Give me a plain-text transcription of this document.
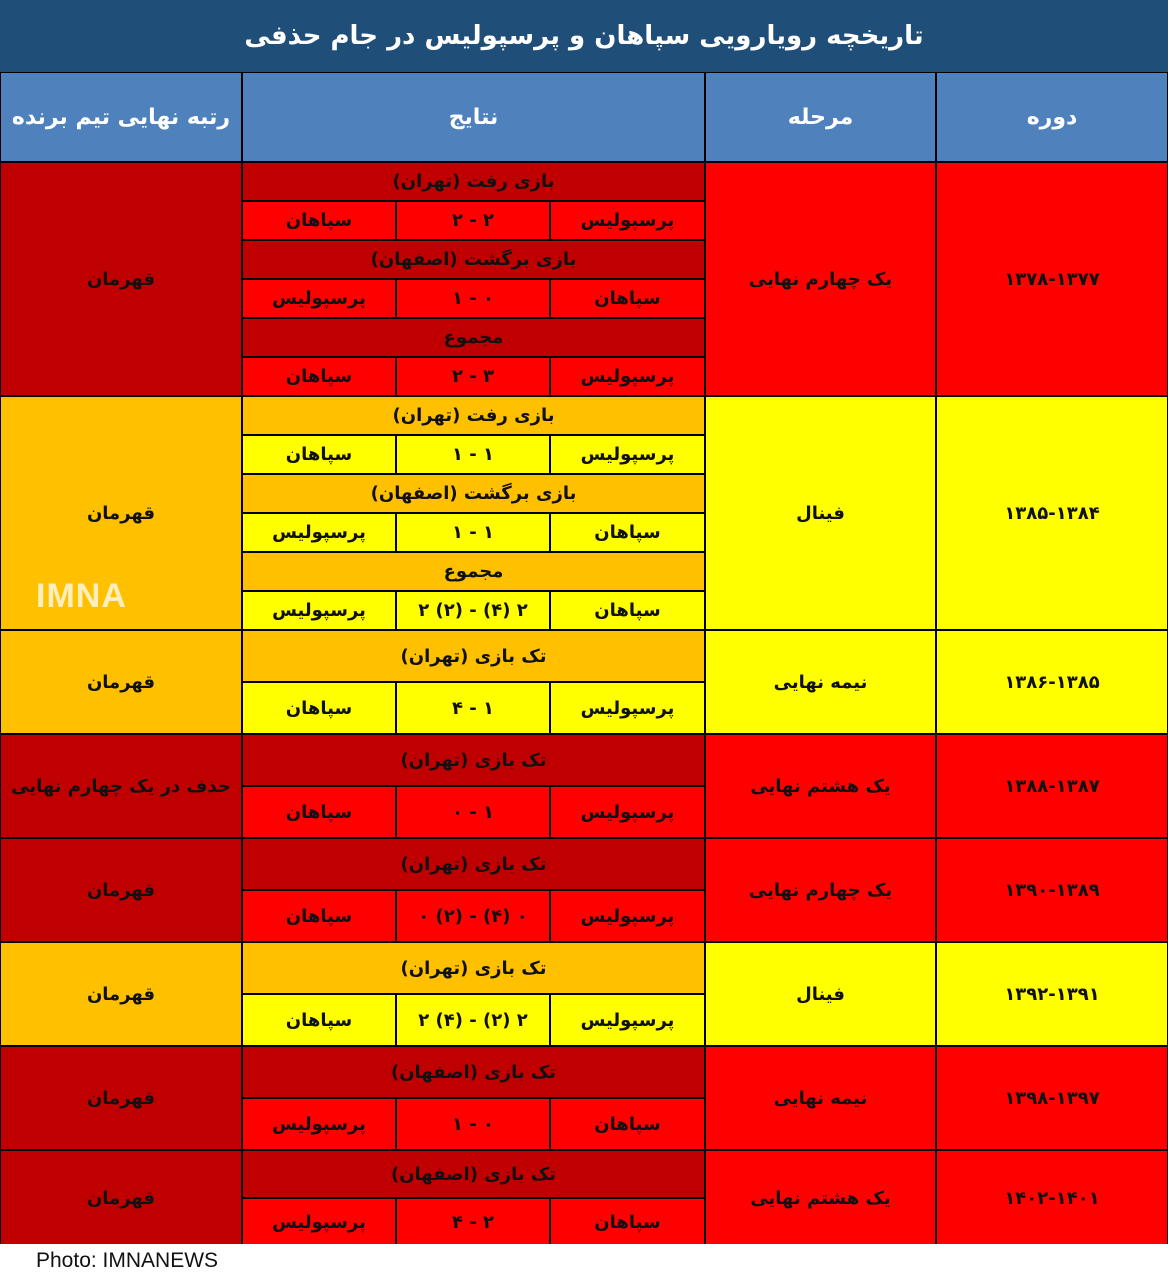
تاریخچه رویارویی سپاهان و پرسپولیس در جام حذفی
دوره
مرحله
نتایج
رتبه نهایی تیم برنده
۱۳۷۸-۱۳۷۷
یک چهارم نهایی
قهرمان
بازی رفت (تهران)
پرسپولیس
۲ - ۲
سپاهان
بازی برگشت (اصفهان)
سپاهان
۰ - ۱
پرسپولیس
مجموع
پرسپولیس
۳ - ۲
سپاهان
۱۳۸۵-۱۳۸۴
فینال
قهرمان
بازی رفت (تهران)
پرسپولیس
۱ - ۱
سپاهان
بازی برگشت (اصفهان)
سپاهان
۱ - ۱
پرسپولیس
مجموع
سپاهان
۲ (۴) - (۲) ۲
پرسپولیس
۱۳۸۶-۱۳۸۵
نیمه نهایی
قهرمان
تک بازی (تهران)
پرسپولیس
۱ - ۴
سپاهان
۱۳۸۸-۱۳۸۷
یک هشتم نهایی
حذف در یک چهارم نهایی
تک بازی (تهران)
پرسپولیس
۱ - ۰
سپاهان
۱۳۹۰-۱۳۸۹
یک چهارم نهایی
قهرمان
تک بازی (تهران)
پرسپولیس
۰ (۴) - (۲) ۰
سپاهان
۱۳۹۲-۱۳۹۱
فینال
قهرمان
تک بازی (تهران)
پرسپولیس
۲ (۲) - (۴) ۲
سپاهان
۱۳۹۸-۱۳۹۷
نیمه نهایی
قهرمان
تک بازی (اصفهان)
سپاهان
۰ - ۱
پرسپولیس
۱۴۰۲-۱۴۰۱
یک هشتم نهایی
قهرمان
تک بازی (اصفهان)
سپاهان
۲ - ۴
پرسپولیس
Photo: IMNANEWS
IMNA
